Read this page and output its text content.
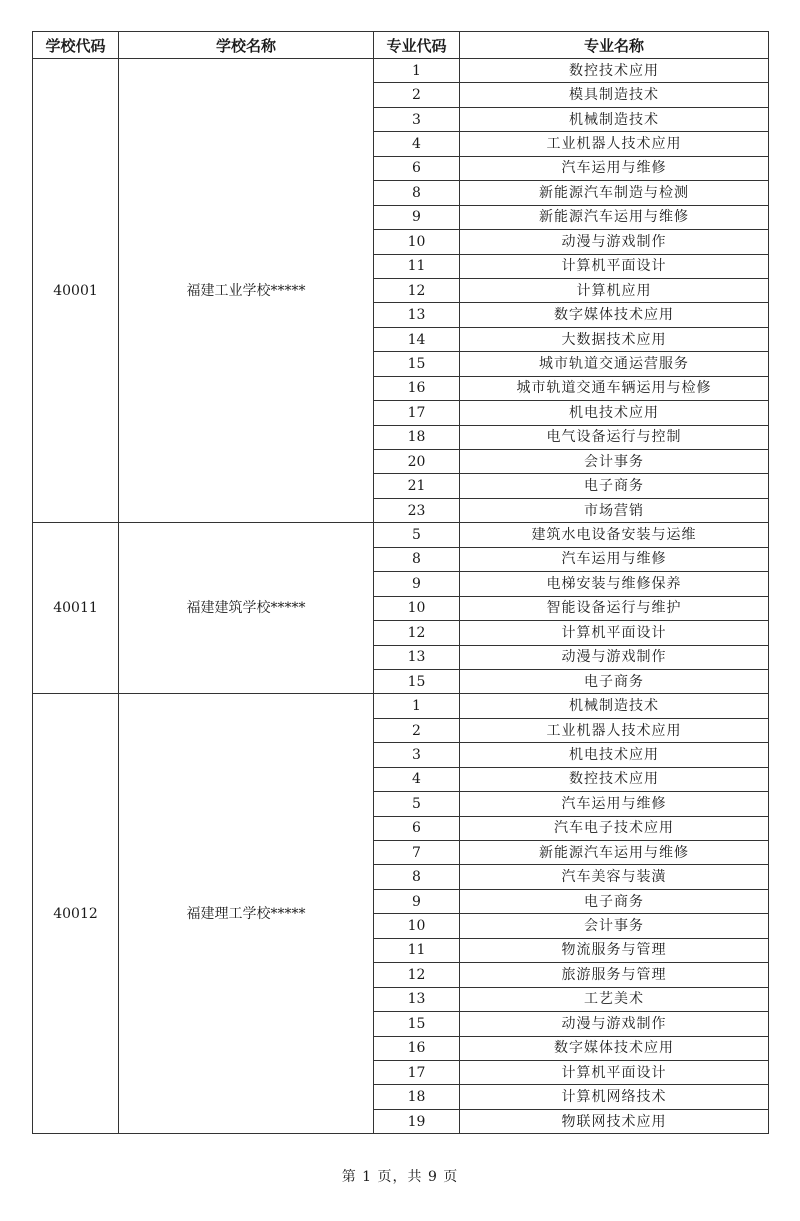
学校代码	学校名称	专业代码	专业名称
40001	福建工业学校*****	1	数控技术应用
		2	模具制造技术
		3	机械制造技术
		4	工业机器人技术应用
		6	汽车运用与维修
		8	新能源汽车制造与检测
		9	新能源汽车运用与维修
		10	动漫与游戏制作
		11	计算机平面设计
		12	计算机应用
		13	数字媒体技术应用
		14	大数据技术应用
		15	城市轨道交通运营服务
		16	城市轨道交通车辆运用与检修
		17	机电技术应用
		18	电气设备运行与控制
		20	会计事务
		21	电子商务
		23	市场营销
40011	福建建筑学校*****	5	建筑水电设备安装与运维
		8	汽车运用与维修
		9	电梯安装与维修保养
		10	智能设备运行与维护
		12	计算机平面设计
		13	动漫与游戏制作
		15	电子商务
40012	福建理工学校*****	1	机械制造技术
		2	工业机器人技术应用
		3	机电技术应用
		4	数控技术应用
		5	汽车运用与维修
		6	汽车电子技术应用
		7	新能源汽车运用与维修
		8	汽车美容与装潢
		9	电子商务
		10	会计事务
		11	物流服务与管理
		12	旅游服务与管理
		13	工艺美术
		15	动漫与游戏制作
		16	数字媒体技术应用
		17	计算机平面设计
		18	计算机网络技术
		19	物联网技术应用
第 1 页，共 9 页
